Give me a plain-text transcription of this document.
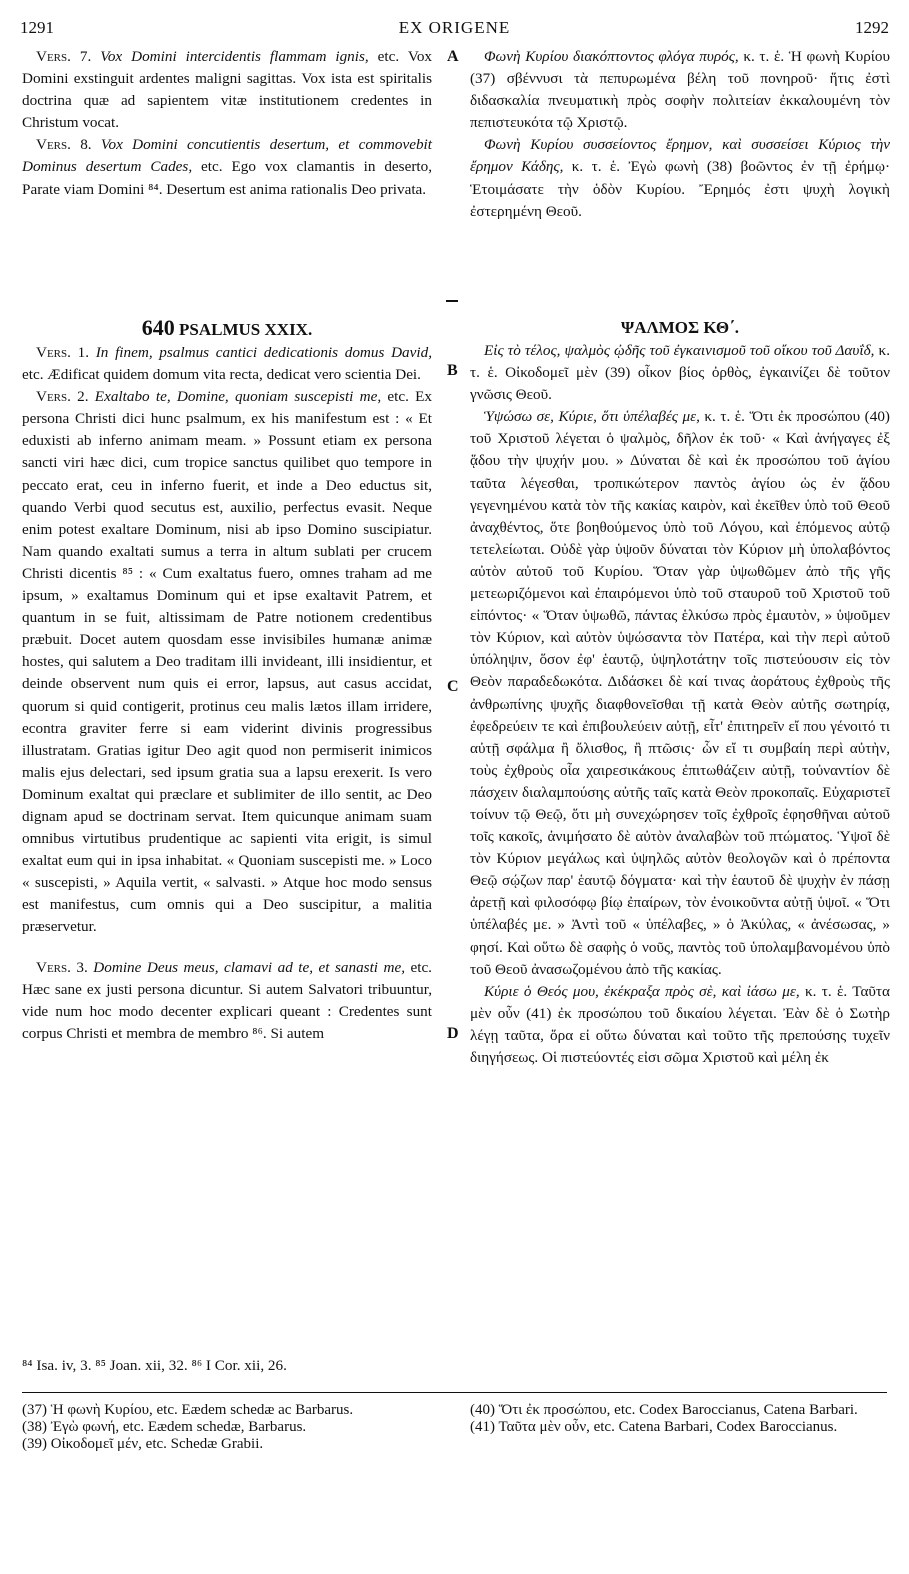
1291	EX ORIGENE	1292
A
B
C
D

Vers. 7. Vox Domini intercidentis flammam ignis, etc. Vox Domini exstinguit ardentes maligni sagittas. Vox ista est spiritalis doctrina quæ ad sapientem vitæ institutionem credentes in Christum vocat.

Vers. 8. Vox Domini concutientis desertum, et commovebit Dominus desertum Cades, etc. Ego vox clamantis in deserto, Parate viam Domini ⁸⁴. Desertum est anima rationalis Deo privata.

640 PSALMUS XXIX.

Vers. 1. In finem, psalmus cantici dedicationis domus David, etc. Ædificat quidem domum vita recta, dedicat vero scientia Dei.

Vers. 2. Exaltabo te, Domine, quoniam suscepisti me, etc. Ex persona Christi dici hunc psalmum, ex his manifestum est : « Et eduxisti ab inferno animam meam. » Possunt etiam ex persona sancti viri hæc dici, cum tropice sanctus quilibet quo tempore in peccato erat, ceu in inferno fuerit, et inde a Deo eductus sit, quando Verbi quod secutus est, auxilio, perfectus evasit. Neque enim potest exaltare Dominum, nisi ab ipso Domino suscipiatur. Nam quando exaltati sumus a terra in altum sublati per crucem Christi dicentis ⁸⁵ : « Cum exaltatus fuero, omnes traham ad me ipsum, » exaltamus Dominum qui et ipse exaltavit Patrem, et quantum in se fuit, altissimam de Patre notionem credentibus præbuit. Docet autem quosdam esse invisibiles humanæ animæ hostes, qui salutem a Deo traditam illi invideant, illi insidientur, et deinde observent num quis ei error, lapsus, aut casus accidat, quorum si quid contigerit, protinus ceu malis lætos illam irridere, econtra graviter ferre si eam viderint divinis progressibus illustratam. Gratias igitur Deo agit quod non permiserit inimicos malis ejus delectari, sed ipsum gratia sua a lapsu erexerit. Is vero Dominum exaltat qui præclare et sublimiter de illo sentit, ac Deo dignam apud se doctrinam servat. Item quicunque animam suam omnibus virtutibus prudentique ac sapienti vita erigit, is simul exaltat eum qui in ipsa inhabitat. « Quoniam suscepisti me. » Loco « suscepisti, » Aquila vertit, « salvasti. » Atque hoc modo sensus est manifestus, cum omnis qui a Deo suscipitur, a malitia præservetur.

Vers. 3. Domine Deus meus, clamavi ad te, et sanasti me, etc. Hæc sane ex justi persona dicuntur. Si autem Salvatori tribuuntur, vide num hoc modo decenter explicari queant : Credentes sunt corpus Christi et membra de membro ⁸⁶. Si autem

⁸⁴ Isa. iv, 3. ⁸⁵ Joan. xii, 32. ⁸⁶ I Cor. xii, 26.

(37) Ἡ φωνὴ Κυρίου, etc. Eædem schedæ ac Barbarus.

(38) Ἐγὼ φωνή, etc. Eædem schedæ, Barbarus.

(39) Οἰκοδομεῖ μέν, etc. Schedæ Grabii.

Φωνὴ Κυρίου διακόπτοντος φλόγα πυρός, κ. τ. ἑ. Ἡ φωνὴ Κυρίου (37) σβέννυσι τὰ πεπυρωμένα βέλη τοῦ πονηροῦ· ἥτις ἐστὶ διδασκαλία πνευματικὴ πρὸς σοφὴν πολιτείαν ἐκκαλουμένη τὸν πεπιστευκότα τῷ Χριστῷ.

Φωνὴ Κυρίου συσσείοντος ἔρημον, καὶ συσσείσει Κύριος τὴν ἔρημον Κάδης, κ. τ. ἑ. Ἐγὼ φωνὴ (38) βοῶντος ἐν τῇ ἐρήμῳ· Ἑτοιμάσατε τὴν ὁδὸν Κυρίου. Ἔρημός ἐστι ψυχὴ λογικὴ ἐστερημένη Θεοῦ.

ΨΑΛΜΟΣ ΚΘ΄.

Εἰς τὸ τέλος, ψαλμὸς ᾠδῆς τοῦ ἐγκαινισμοῦ τοῦ οἴκου τοῦ Δαυΐδ, κ. τ. ἑ. Οἰκοδομεῖ μὲν (39) οἶκον βίος ὀρθὸς, ἐγκαινίζει δὲ τοῦτον γνῶσις Θεοῦ.

Ὑψώσω σε, Κύριε, ὅτι ὑπέλαβές με, κ. τ. ἑ. Ὅτι ἐκ προσώπου (40) τοῦ Χριστοῦ λέγεται ὁ ψαλμὸς, δῆλον ἐκ τοῦ· « Καὶ ἀνήγαγες ἐξ ᾅδου τὴν ψυχήν μου. » Δύναται δὲ καὶ ἐκ προσώπου τοῦ ἁγίου ταῦτα λέγεσθαι, τροπικώτερον παντὸς ἁγίου ὡς ἐν ᾅδου γεγενημένου κατὰ τὸν τῆς κακίας καιρὸν, καὶ ἐκεῖθεν ὑπὸ τοῦ Θεοῦ ἀναχθέντος, ὅτε βοηθούμενος ὑπὸ τοῦ Λόγου, καὶ ἑπόμενος αὐτῷ τετελείωται. Οὐδὲ γὰρ ὑψοῦν δύναται τὸν Κύριον μὴ ὑπολαβόντος αὐτὸν αὐτοῦ τοῦ Κυρίου. Ὅταν γὰρ ὑψωθῶμεν ἀπὸ τῆς γῆς μετεωριζόμενοι καὶ ἐπαιρόμενοι ὑπὸ τοῦ σταυροῦ τοῦ Χριστοῦ τοῦ εἰπόντος· « Ὅταν ὑψωθῶ, πάντας ἑλκύσω πρὸς ἐμαυτὸν, » ὑψοῦμεν τὸν Κύριον, καὶ αὐτὸν ὑψώσαντα τὸν Πατέρα, καὶ τὴν περὶ αὐτοῦ ὑπόληψιν, ὅσον ἐφ' ἑαυτῷ, ὑψηλοτάτην τοῖς πιστεύουσιν εἰς τὸν Θεὸν παραδεδωκότα. Διδάσκει δὲ καί τινας ἀοράτους ἐχθροὺς τῆς ἀνθρωπίνης ψυχῆς διαφθονεῖσθαι τῇ κατὰ Θεὸν αὐτῆς σωτηρίᾳ, ἐφεδρεύειν τε καὶ ἐπιβουλεύειν αὐτῇ, εἶτ' ἐπιτηρεῖν εἴ που γένοιτό τι αὐτῇ σφάλμα ἢ ὄλισθος, ἢ πτῶσις· ὧν εἴ τι συμβαίη περὶ αὐτὴν, τοὺς ἐχθροὺς οἷα χαιρεσικάκους ἐπιτωθάζειν αὐτῇ, τοὐναντίον δὲ πάσχειν διαλαμπούσης αὐτῆς ταῖς κατὰ Θεὸν προκοπαῖς. Εὐχαριστεῖ τοίνυν τῷ Θεῷ, ὅτι μὴ συνεχώρησεν τοῖς ἐχθροῖς ἐφησθῆναι αὐτοῦ τοῖς κακοῖς, ἀνιμήσατο δὲ αὐτὸν ἀναλαβὼν τοῦ πτώματος. Ὑψοῖ δὲ τὸν Κύριον μεγάλως καὶ ὑψηλῶς αὐτὸν θεολογῶν καὶ ὁ πρέποντα Θεῷ σῴζων παρ' ἑαυτῷ δόγματα· καὶ τὴν ἑαυτοῦ δὲ ψυχὴν ἐν πάσῃ ἀρετῇ καὶ φιλοσόφῳ βίῳ ἐπαίρων, τὸν ἐνοικοῦντα αὐτῇ ὑψοῖ. « Ὅτι ὑπέλαβές με. » Ἀντὶ τοῦ « ὑπέλαβες, » ὁ Ἀκύλας, « ἀνέσωσας, » φησί. Καὶ οὕτω δὲ σαφὴς ὁ νοῦς, παντὸς τοῦ ὑπολαμβανομένου ὑπὸ τοῦ Θεοῦ ἀνασωζομένου ἀπὸ τῆς κακίας.

Κύριε ὁ Θεός μου, ἐκέκραξα πρὸς σὲ, καὶ ἰάσω με, κ. τ. ἑ. Ταῦτα μὲν οὖν (41) ἐκ προσώπου τοῦ δικαίου λέγεται. Ἐὰν δὲ ὁ Σωτὴρ λέγῃ ταῦτα, ὅρα εἰ οὕτω δύναται καὶ τοῦτο τῆς πρεπούσης τυχεῖν διηγήσεως. Οἱ πιστεύοντές εἰσι σῶμα Χριστοῦ καὶ μέλη ἐκ

(40) Ὅτι ἐκ προσώπου, etc. Codex Baroccianus, Catena Barbari.

(41) Ταῦτα μὲν οὖν, etc. Catena Barbari, Codex Baroccianus.
